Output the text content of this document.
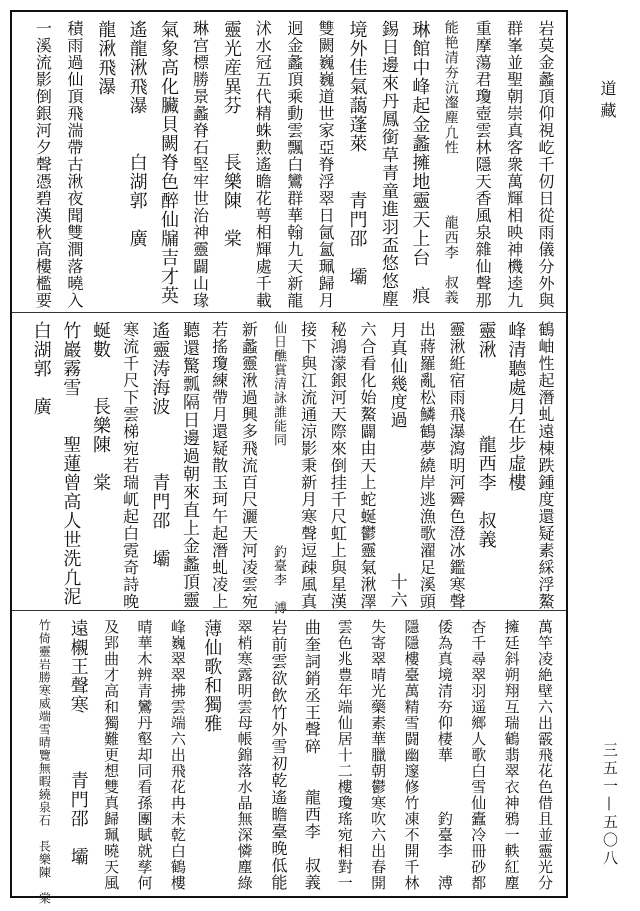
道藏
三五一—五〇八
岩莫金蠡頂仰視屹千仞日從雨儀分外與
群峯並聖朝崇真客衆萬輝相映神機逵九
重摩蕩君瓊壺雲林隱天香風泉雜仙聲那
能艳清夯沆瀣塵凢性　　　　龍西李　叔義
琳館中峰起金蠡擁地靈天上台　痕
錫日邊來丹鳳銜草青童進羽盃悠悠塵
境外佳氣藹蓬萊　　青門邵　壩
雙闕巍巍道世家亞脊浮翠日氤氳珮歸月
迥金蠡頂乘動雲飄白鸞群華翰九天新龍
沭水冠五代精蛛勲遙瞻花萼相輝處千載
靈光産異芬　　長樂陳　棠
琳宫標勝景蠡脊石堅牢世治神靈闢山瑑
氣象高化臟貝闕脊色醉仙牖吉才英
遙龍湫飛瀑　　白湖郭　廣
龍湫飛瀑
積雨過仙頂飛湍帶古湫夜聞雙澗落曉入
一溪流影倒銀河夕聲憑碧漢秋高樓檻要
鶴岫性起潛虬遠棟跌鍾度還疑素綵浮鰲
峰清聽處月在步虛樓
靈湫　　　　龍西李　叔義
靈湫絍宿雨飛瀑瀉明河霽色澄冰鑑寒聲
出蔣羅亂松鱗鶴夢繞岸逃漁歌濯足溪頭
月真仙幾度過　　　　　　　　十六
六合看化始鰲闢由天上蛇蜒鬱靈氣湫澤
秘鴻濛銀河天際來倒挂千尺虹上與星漢
接下與江流通涼影秉新月寒聲逗疎風真
仙日醮賞清詠誰能同　　　　　　　釣臺李　溥
新蠡靈湫過興多飛流百尺灑天河凌雲宛
若搖瓊練帶月還疑散玉珂午起潛虬凌上
聽還驚瓢隔日邊過朝來直上金蠡頂靈
遙靈涛海波　　　青門邵　壩
寒流千尺下雲梯宛若瑞屼起白霓奇詩晚
蜒數　　長樂陳　棠
竹巖霧雪　　聖蓮曾高人世洗凢泥
白湖郭　廣
萬竿凌絶壁六出霰飛花色借且並靈光分
擁廷斜朔翔互瑞鶴翡翠衣神鴉一軼紅塵
杏千尋翠羽遥鄉人歌白雪仙蠹冷冊砂都
倭為真境清夯仰棲華　　　釣臺李　溥
隱隱樓臺萬精雪闘幽邃修竹凍不開千林
失寄翠晴光藥素華臘朝鬱寒吹六出春開
雲色兆豊年端仙居十二樓瓊瑤宛相對一
曲奎詞銷丞王聲碎　　龍西李　叔義
岩前雲欲飲竹外雪初乾遙瞻臺晚低能
翠梢寒露明雲母帳錦落水晶無深憐塵綠
薄仙歌和獨雅
峰巍翠翠拂雲端六出飛花冉未乾白鶴樓
晴華木辨青鸞丹壑却同看孫團賦就孳何
及郢曲才高和獨難更想雙真歸珮曉天風
遠櫬王聲寒　　　青門邵　壩
竹倚靈岩勝寒威端雪晴覽無暇繞泉石　長樂陳　棠
